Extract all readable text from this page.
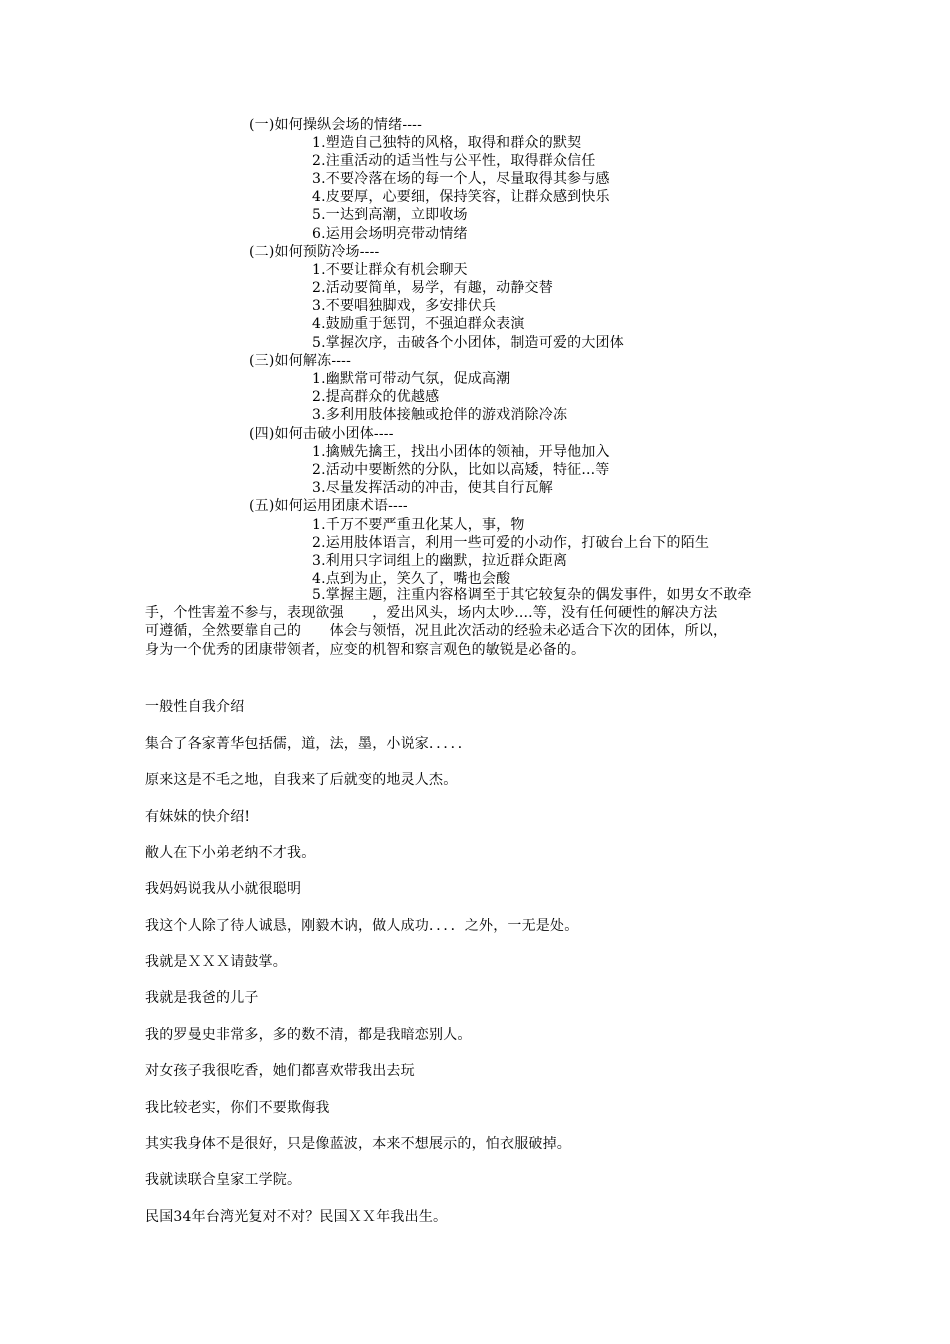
(一)如何操纵会场的情绪----
1.塑造自己独特的风格，取得和群众的默契
2.注重活动的适当性与公平性，取得群众信任
3.不要冷落在场的每一个人，尽量取得其参与感
4.皮要厚，心要细，保持笑容，让群众感到快乐
5.一达到高潮，立即收场
6.运用会场明亮带动情绪
(二)如何预防冷场----
1.不要让群众有机会聊天
2.活动要简单，易学，有趣，动静交替
3.不要唱独脚戏，多安排伏兵
4.鼓励重于惩罚，不强迫群众表演
5.掌握次序，击破各个小团体，制造可爱的大团体
(三)如何解冻----
1.幽默常可带动气氛，促成高潮
2.提高群众的优越感
3.多利用肢体接触或抢伴的游戏消除冷冻
(四)如何击破小团体----
1.擒贼先擒王，找出小团体的领袖，开导他加入
2.活动中要断然的分队，比如以高矮，特征...等
3.尽量发挥活动的冲击，使其自行瓦解
(五)如何运用团康术语----
1.千万不要严重丑化某人，事，物
2.运用肢体语言，利用一些可爱的小动作，打破台上台下的陌生
3.利用只字词组上的幽默，拉近群众距离
4.点到为止，笑久了，嘴也会酸
5.掌握主题，注重内容格调至于其它较复杂的偶发事件，如男女不敢牵
手，个性害羞不参与，表现欲强　　，爱出风头，场内太吵....等，没有任何硬性的解决方法
可遵循，全然要靠自己的　　体会与领悟，况且此次活动的经验未必适合下次的团体，所以，
身为一个优秀的团康带领者，应变的机智和察言观色的敏锐是必备的。
一般性自我介绍
集合了各家菁华包括儒，道，法，墨，小说家．．．．．
原来这是不毛之地，自我来了后就变的地灵人杰。
有妹妹的快介绍!
敝人在下小弟老纳不才我。
我妈妈说我从小就很聪明
我这个人除了待人诚恳，刚毅木讷，做人成功．．．．之外，一无是处。
我就是ＸＸＸ请鼓掌。
我就是我爸的儿子
我的罗曼史非常多，多的数不清，都是我暗恋别人。
对女孩子我很吃香，她们都喜欢带我出去玩
我比较老实，你们不要欺侮我
其实我身体不是很好，只是像蓝波，本来不想展示的，怕衣服破掉。
我就读联合皇家工学院。
民国34年台湾光复对不对？民国ＸＸ年我出生。
